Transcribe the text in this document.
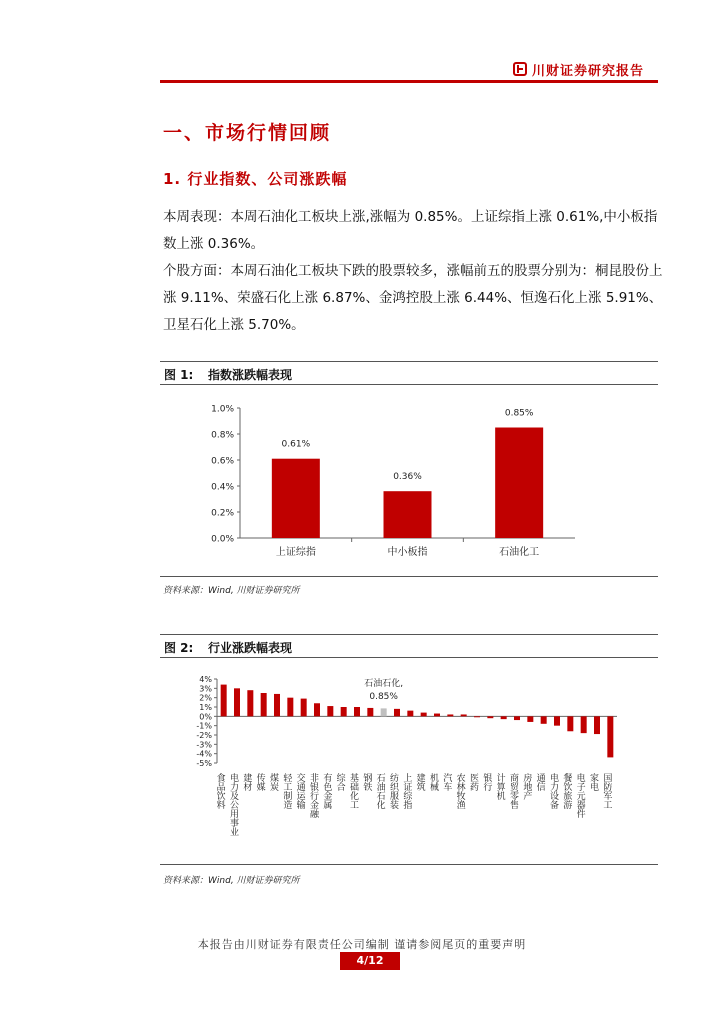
川财证券研究报告
一、市场行情回顾
1. 行业指数、公司涨跌幅
本周表现：本周石油化工板块上涨,涨幅为 0.85%。上证综指上涨 0.61%,中小板指数上涨 0.36%。
个股方面：本周石油化工板块下跌的股票较多，涨幅前五的股票分别为：桐昆股份上涨 9.11%、荣盛石化上涨 6.87%、金鸿控股上涨 6.44%、恒逸石化上涨 5.91%、卫星石化上涨 5.70%。
图 1: 指数涨跌幅表现
0.0%
0.2%
0.4%
0.6%
0.8%
1.0%
0.61%
上证综指
0.36%
中小板指
0.85%
石油化工
资料来源：Wind, 川财证券研究所
图 2: 行业涨跌幅表现
-5%
-4%
-3%
-2%
-1%
0%
1%
2%
3%
4%
食品饮料 电力及公用事业 建材 传媒 煤炭 轻工制造 交通运输 非银行金融 有色金属 综合 基础化工 钢铁 石油石化
石油石化,
0.85%
纺织服装 上证综指 建筑 机械 汽车 农林牧渔 医药 银行 计算机 商贸零售 房地产 通信 电力设备 餐饮旅游 电子元器件 家电 国防军工
资料来源：Wind, 川财证券研究所
本报告由川财证券有限责任公司编制 谨请参阅尾页的重要声明
4/12
